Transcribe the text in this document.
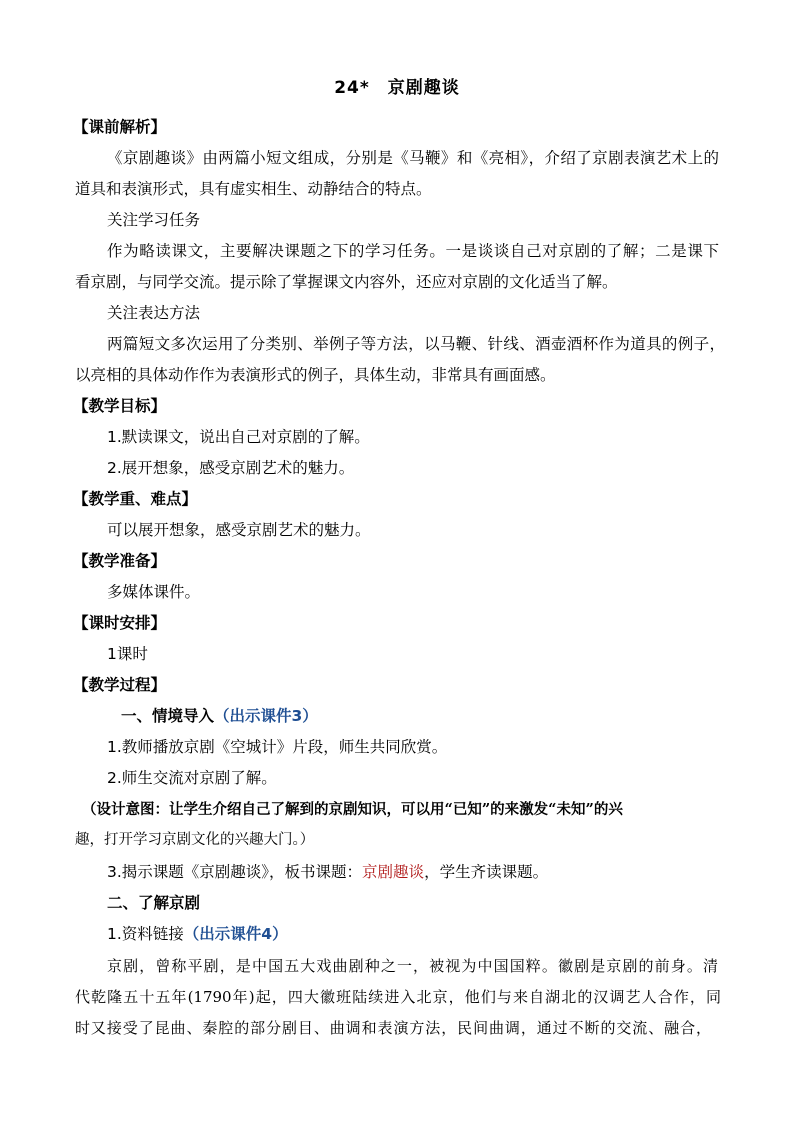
24*　京剧趣谈
【课前解析】
《京剧趣谈》由两篇小短文组成，分别是《马鞭》和《亮相》，介绍了京剧表演艺术上的
道具和表演形式，具有虚实相生、动静结合的特点。
关注学习任务
作为略读课文，主要解决课题之下的学习任务。一是谈谈自己对京剧的了解；二是课下
看京剧，与同学交流。提示除了掌握课文内容外，还应对京剧的文化适当了解。
关注表达方法
两篇短文多次运用了分类别、举例子等方法，以马鞭、针线、酒壶酒杯作为道具的例子，
以亮相的具体动作作为表演形式的例子，具体生动，非常具有画面感。
【教学目标】
1.默读课文，说出自己对京剧的了解。
2.展开想象，感受京剧艺术的魅力。
【教学重、难点】
可以展开想象，感受京剧艺术的魅力。
【教学准备】
多媒体课件。
【课时安排】
1课时
【教学过程】
一、情境导入（出示课件3）
1.教师播放京剧《空城计》片段，师生共同欣赏。
2.师生交流对京剧了解。
（设计意图：让学生介绍自己了解到的京剧知识，可以用“已知”的来激发“未知”的兴
趣，打开学习京剧文化的兴趣大门。）
3.揭示课题《京剧趣谈》，板书课题：京剧趣谈，学生齐读课题。
二、了解京剧
1.资料链接（出示课件4）
京剧，曾称平剧，是中国五大戏曲剧种之一，被视为中国国粹。徽剧是京剧的前身。清
代乾隆五十五年(1790年)起，四大徽班陆续进入北京，他们与来自湖北的汉调艺人合作，同
时又接受了昆曲、秦腔的部分剧目、曲调和表演方法，民间曲调，通过不断的交流、融合，
